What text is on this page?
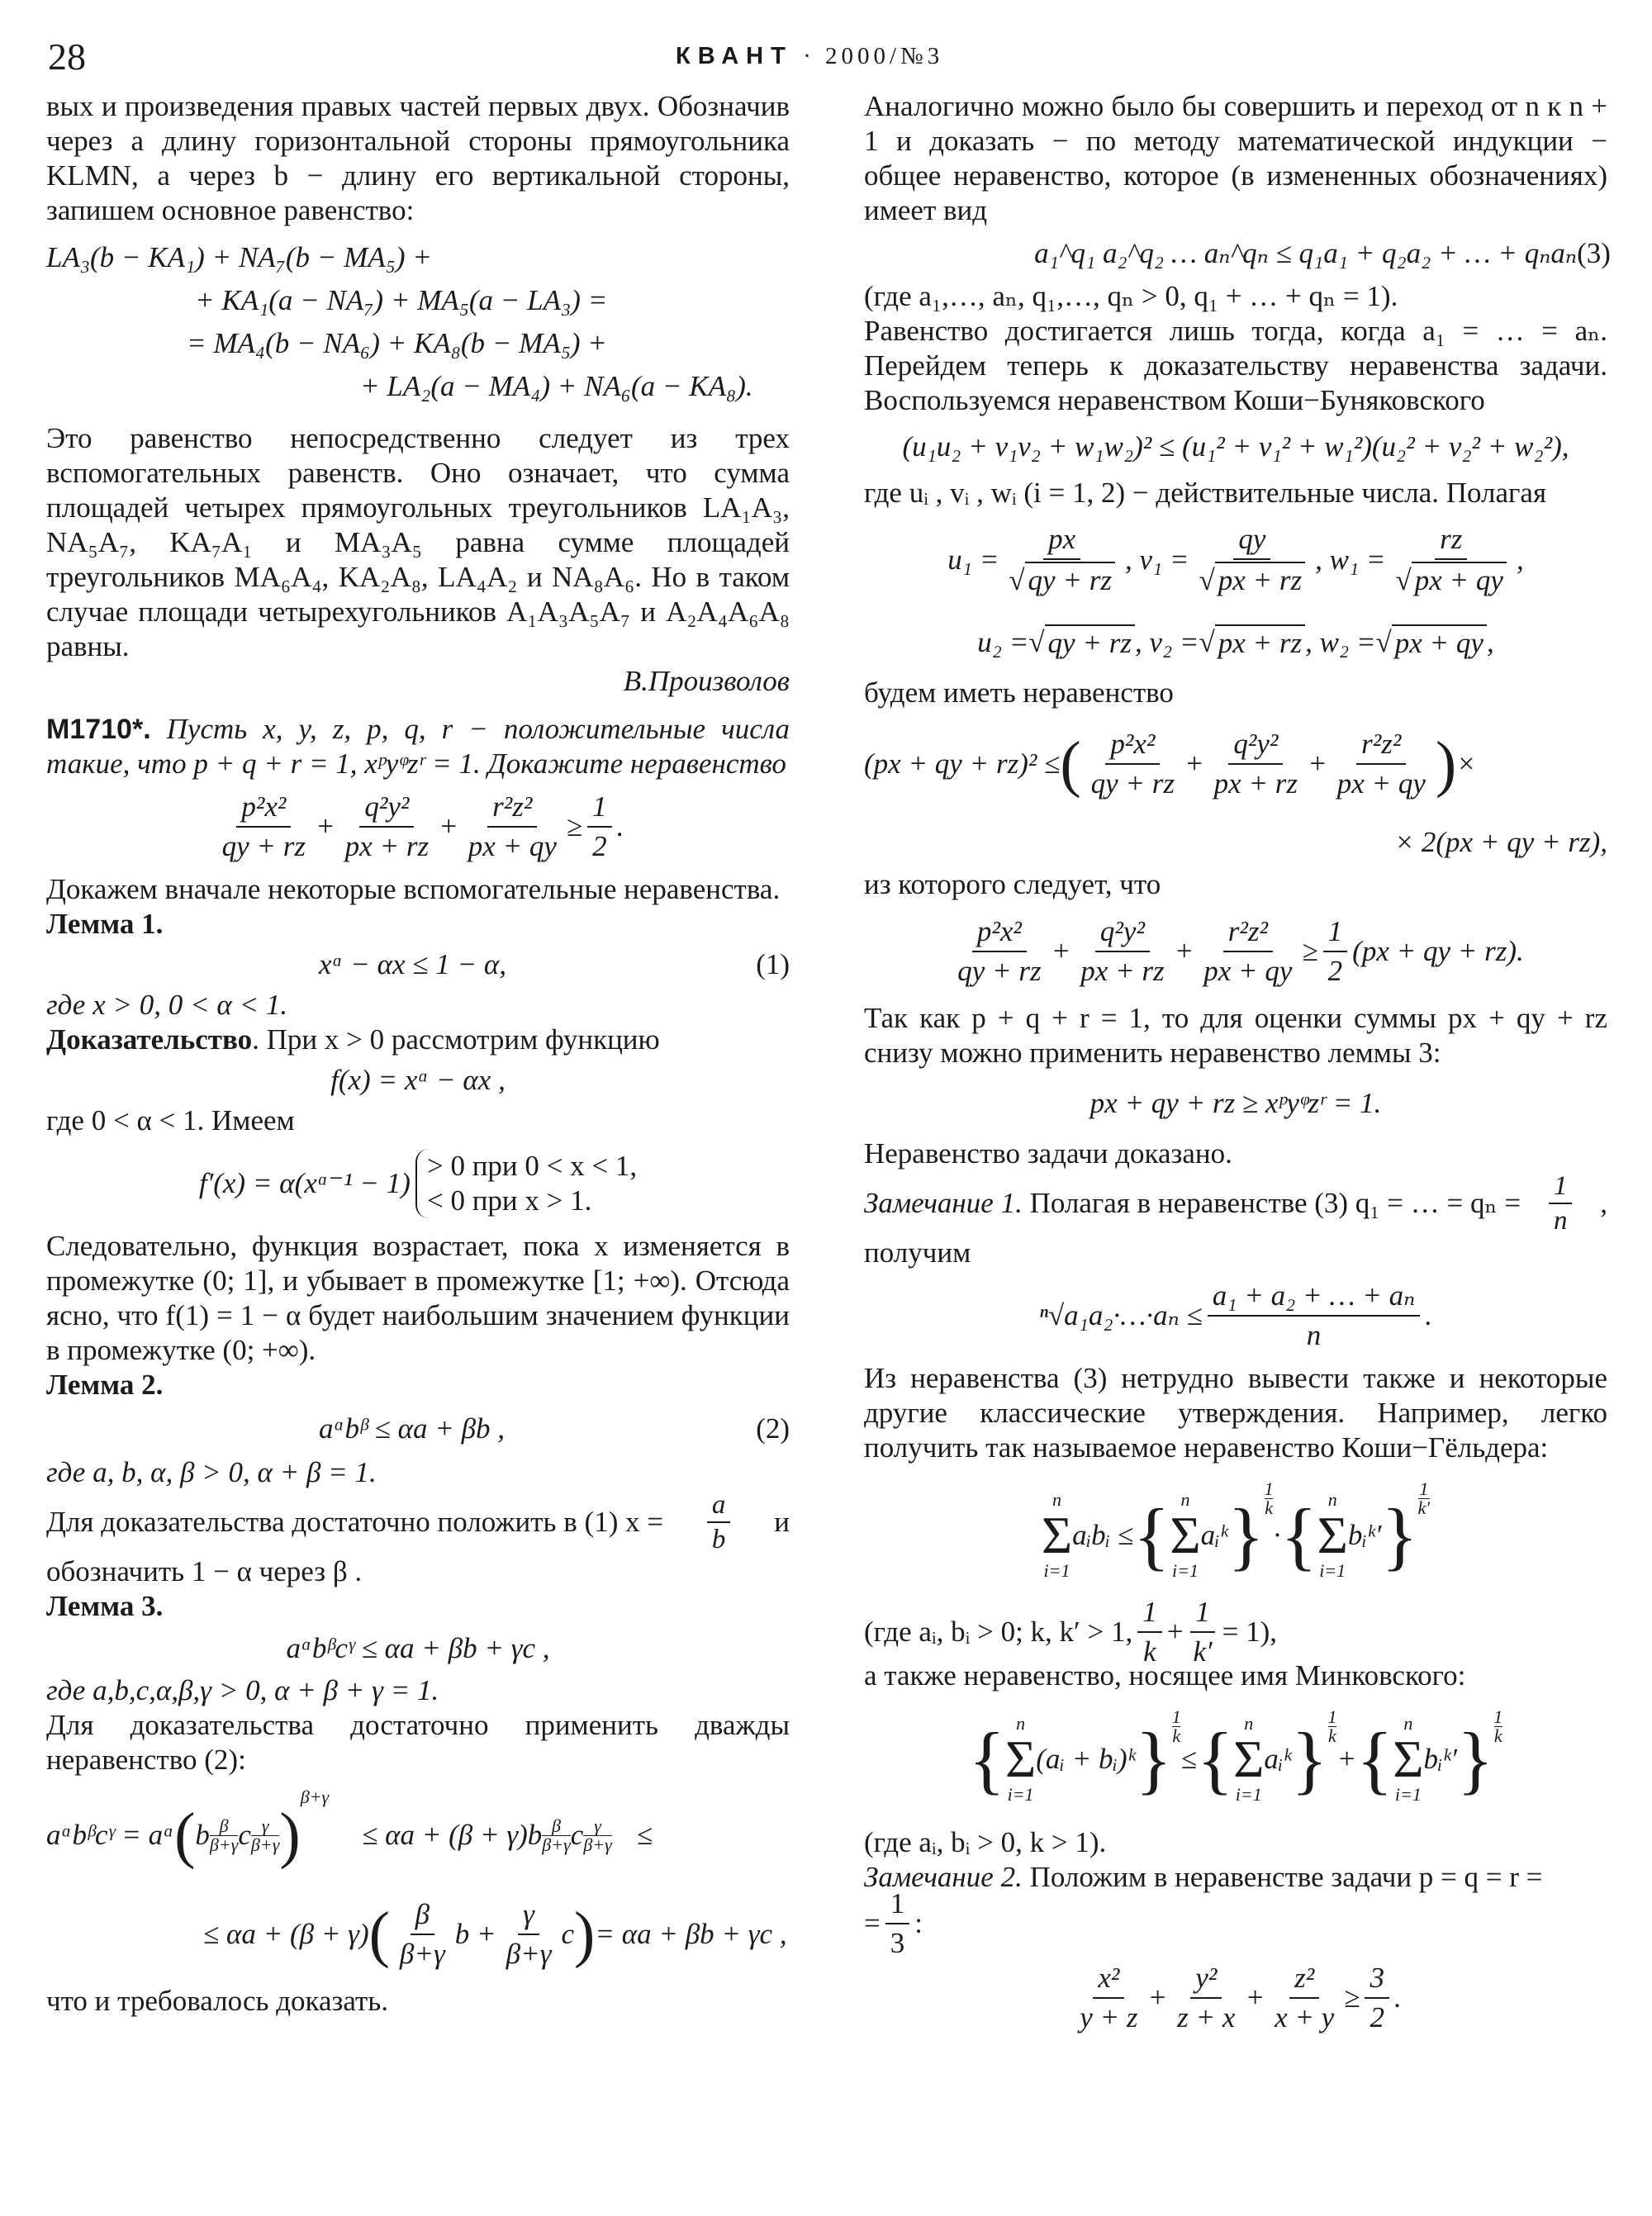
28	КВАНТ · 2000/№3
вых и произведения правых частей первых двух. Обозначив через a длину горизонтальной стороны прямоугольника KLMN, а через b − длину его вертикальной стороны, запишем основное равенство:
LA₃(b − KA₁) + NA₇(b − MA₅) +
+ KA₁(a − NA₇) + MA₅(a − LA₃) =
= MA₄(b − NA₆) + KA₈(b − MA₅) +
+ LA₂(a − MA₄) + NA₆(a − KA₈).
Это равенство непосредственно следует из трех вспомогательных равенств. Оно означает, что сумма площадей четырех прямоугольных треугольников LA₁A₃, NA₅A₇, KA₇A₁ и MA₃A₅ равна сумме площадей треугольников MA₆A₄, KA₂A₈, LA₄A₂ и NA₈A₆. Но в таком случае площади четырехугольников A₁A₃A₅A₇ и A₂A₄A₆A₈ равны.
В.Произволов
М1710*. Пусть x, y, z, p, q, r − положительные числа такие, что p + q + r = 1, xᵖyᵠzʳ = 1. Докажите неравенство
$\frac{\text{p²x²}}{qy + rz} + \frac{\text{q²y²}}{px + rz} + \frac{\text{r²z²}}{px + qy} \ge \frac{1}{2}$ .
Докажем вначале некоторые вспомогательные неравенства.
Лемма 1.
xᵅ − αx ≤ 1 − α,	(1)
где x > 0, 0 < α < 1.
Доказательство. При x > 0 рассмотрим функцию
f(x) = xᵅ − αx ,
где 0 < α < 1. Имеем
f′(x) = α(xᵅ⁻¹ − 1)
> 0 при 0 < x < 1,
< 0 при x > 1.
Следовательно, функция возрастает, пока x изменяется в промежутке (0; 1], и убывает в промежутке [1; +∞). Отсюда ясно, что f(1) = 1 − α будет наибольшим значением функции в промежутке (0; +∞).
Лемма 2.
aᵅbᵝ ≤ αa + βb ,	(2)
где a, b, α, β > 0, α + β = 1.
Для доказательства достаточно положить в (1) $x = \frac{a}{b}$ и
обозначить 1 − α через β .
Лемма 3.
aᵅbᵝcᵞ ≤ αa + βb + γc ,
где a,b,c,α,β,γ > 0, α + β + γ = 1.
Для доказательства достаточно применить дважды неравенство (2):
aᵅbᵝcᵞ = aᵅ ( b β
β+γ c γ
β+γ )
β+γ
≤ αa + (β + γ)b β
β+γ c $\frac{\gamma}{\beta+\gamma}$ ≤
≤ αa + (β + γ) ( $\frac{\beta}{\beta+\gamma}$ $b + \frac{\gamma}{\beta+\gamma}$ c ) = αa + βb + γc ,
что и требовалось доказать.
Аналогично можно было бы совершить и переход от n к n + 1 и доказать − по методу математической индукции − общее неравенство, которое (в измененных обозначениях) имеет вид
a₁^q₁ a₂^q₂ … aₙ^qₙ ≤ q₁a₁ + q₂a₂ + … + qₙaₙ (3)
(где a₁,…, aₙ, q₁,…, qₙ > 0, q₁ + … + qₙ = 1).
Равенство достигается лишь тогда, когда a₁ = … = aₙ. Перейдем теперь к доказательству неравенства задачи. Воспользуемся неравенством Коши−Буняковского
(u₁u₂ + v₁v₂ + w₁w₂)² ≤ (u₁² + v₁² + w₁²)(u₂² + v₂² + w₂²),
где uᵢ , vᵢ , wᵢ (i = 1, 2) − действительные числа. Полагая
$u_1 = \frac{px}{√ qy + rz}$ , $v_1 = \frac{qy}{√ px + rz}$ , $w_1 = \frac{rz}{√ px + qy}$ ,
u₂ = √ qy + rz , v₂ = √ px + rz , w₂ = √ px + qy ,
будем иметь неравенство
(px + qy + rz)² ≤ ( $\frac{\text{p²x²}}{qy + rz} + \frac{\text{q²y²}}{px + rz} + \frac{\text{r²z²}}{px + qy}$ ) ×
× 2(px + qy + rz),
из которого следует, что
$\frac{\text{p²x²}}{qy + rz} + \frac{\text{q²y²}}{px + rz} + \frac{\text{r²z²}}{px + qy} \ge \frac{1}{2} (px$ + qy + rz).
Так как p + q + r = 1, то для оценки суммы px + qy + rz снизу можно применить неравенство леммы 3:
px + qy + rz ≥ xᵖyᵠzʳ = 1.
Неравенство задачи доказано.
Замечание 1. Полагая в неравенстве (3) q₁ = … = $q_n = \frac{1}{n}$ ,
получим
ⁿ√a₁a₂·…·aₙ ≤ $\frac{\text{a₁ + a₂ + … + aₙ}}{n}$ .
Из неравенства (3) нетрудно вывести также и некоторые другие классические утверждения. Например, легко получить так называемое неравенство Коши−Гёльдера:
n
Σ
i=1
aᵢbᵢ ≤ { n
Σ
i=1
aᵢᵏ }
$^{1 k}$
· { n
Σ
i=1
bᵢᵏ′ }
$^{1 k'}$
(где aᵢ, bᵢ > 0; k, k′ > 1, $\frac{1}{k} + \frac{1}{k'} = 1$),
а также неравенство, носящее имя Минковского:
{ n
Σ
i=1
(aᵢ + bᵢ)ᵏ } $^{\frac{1}{k}}$
≤ { n
Σ
i=1
aᵢᵏ }
$^{1 k}$
+ { n
Σ
i=1
bᵢᵏ′ }
$^{1 k}$
(где aᵢ, bᵢ > 0, k > 1).
Замечание 2. Положим в неравенстве задачи p = q = r =
= $\frac{1}{3}$ :
$\frac{\text{x²}}{y + z} + \frac{\text{y²}}{z + x} + \frac{\text{z²}}{x + y} \ge \frac{3}{2}$ .
